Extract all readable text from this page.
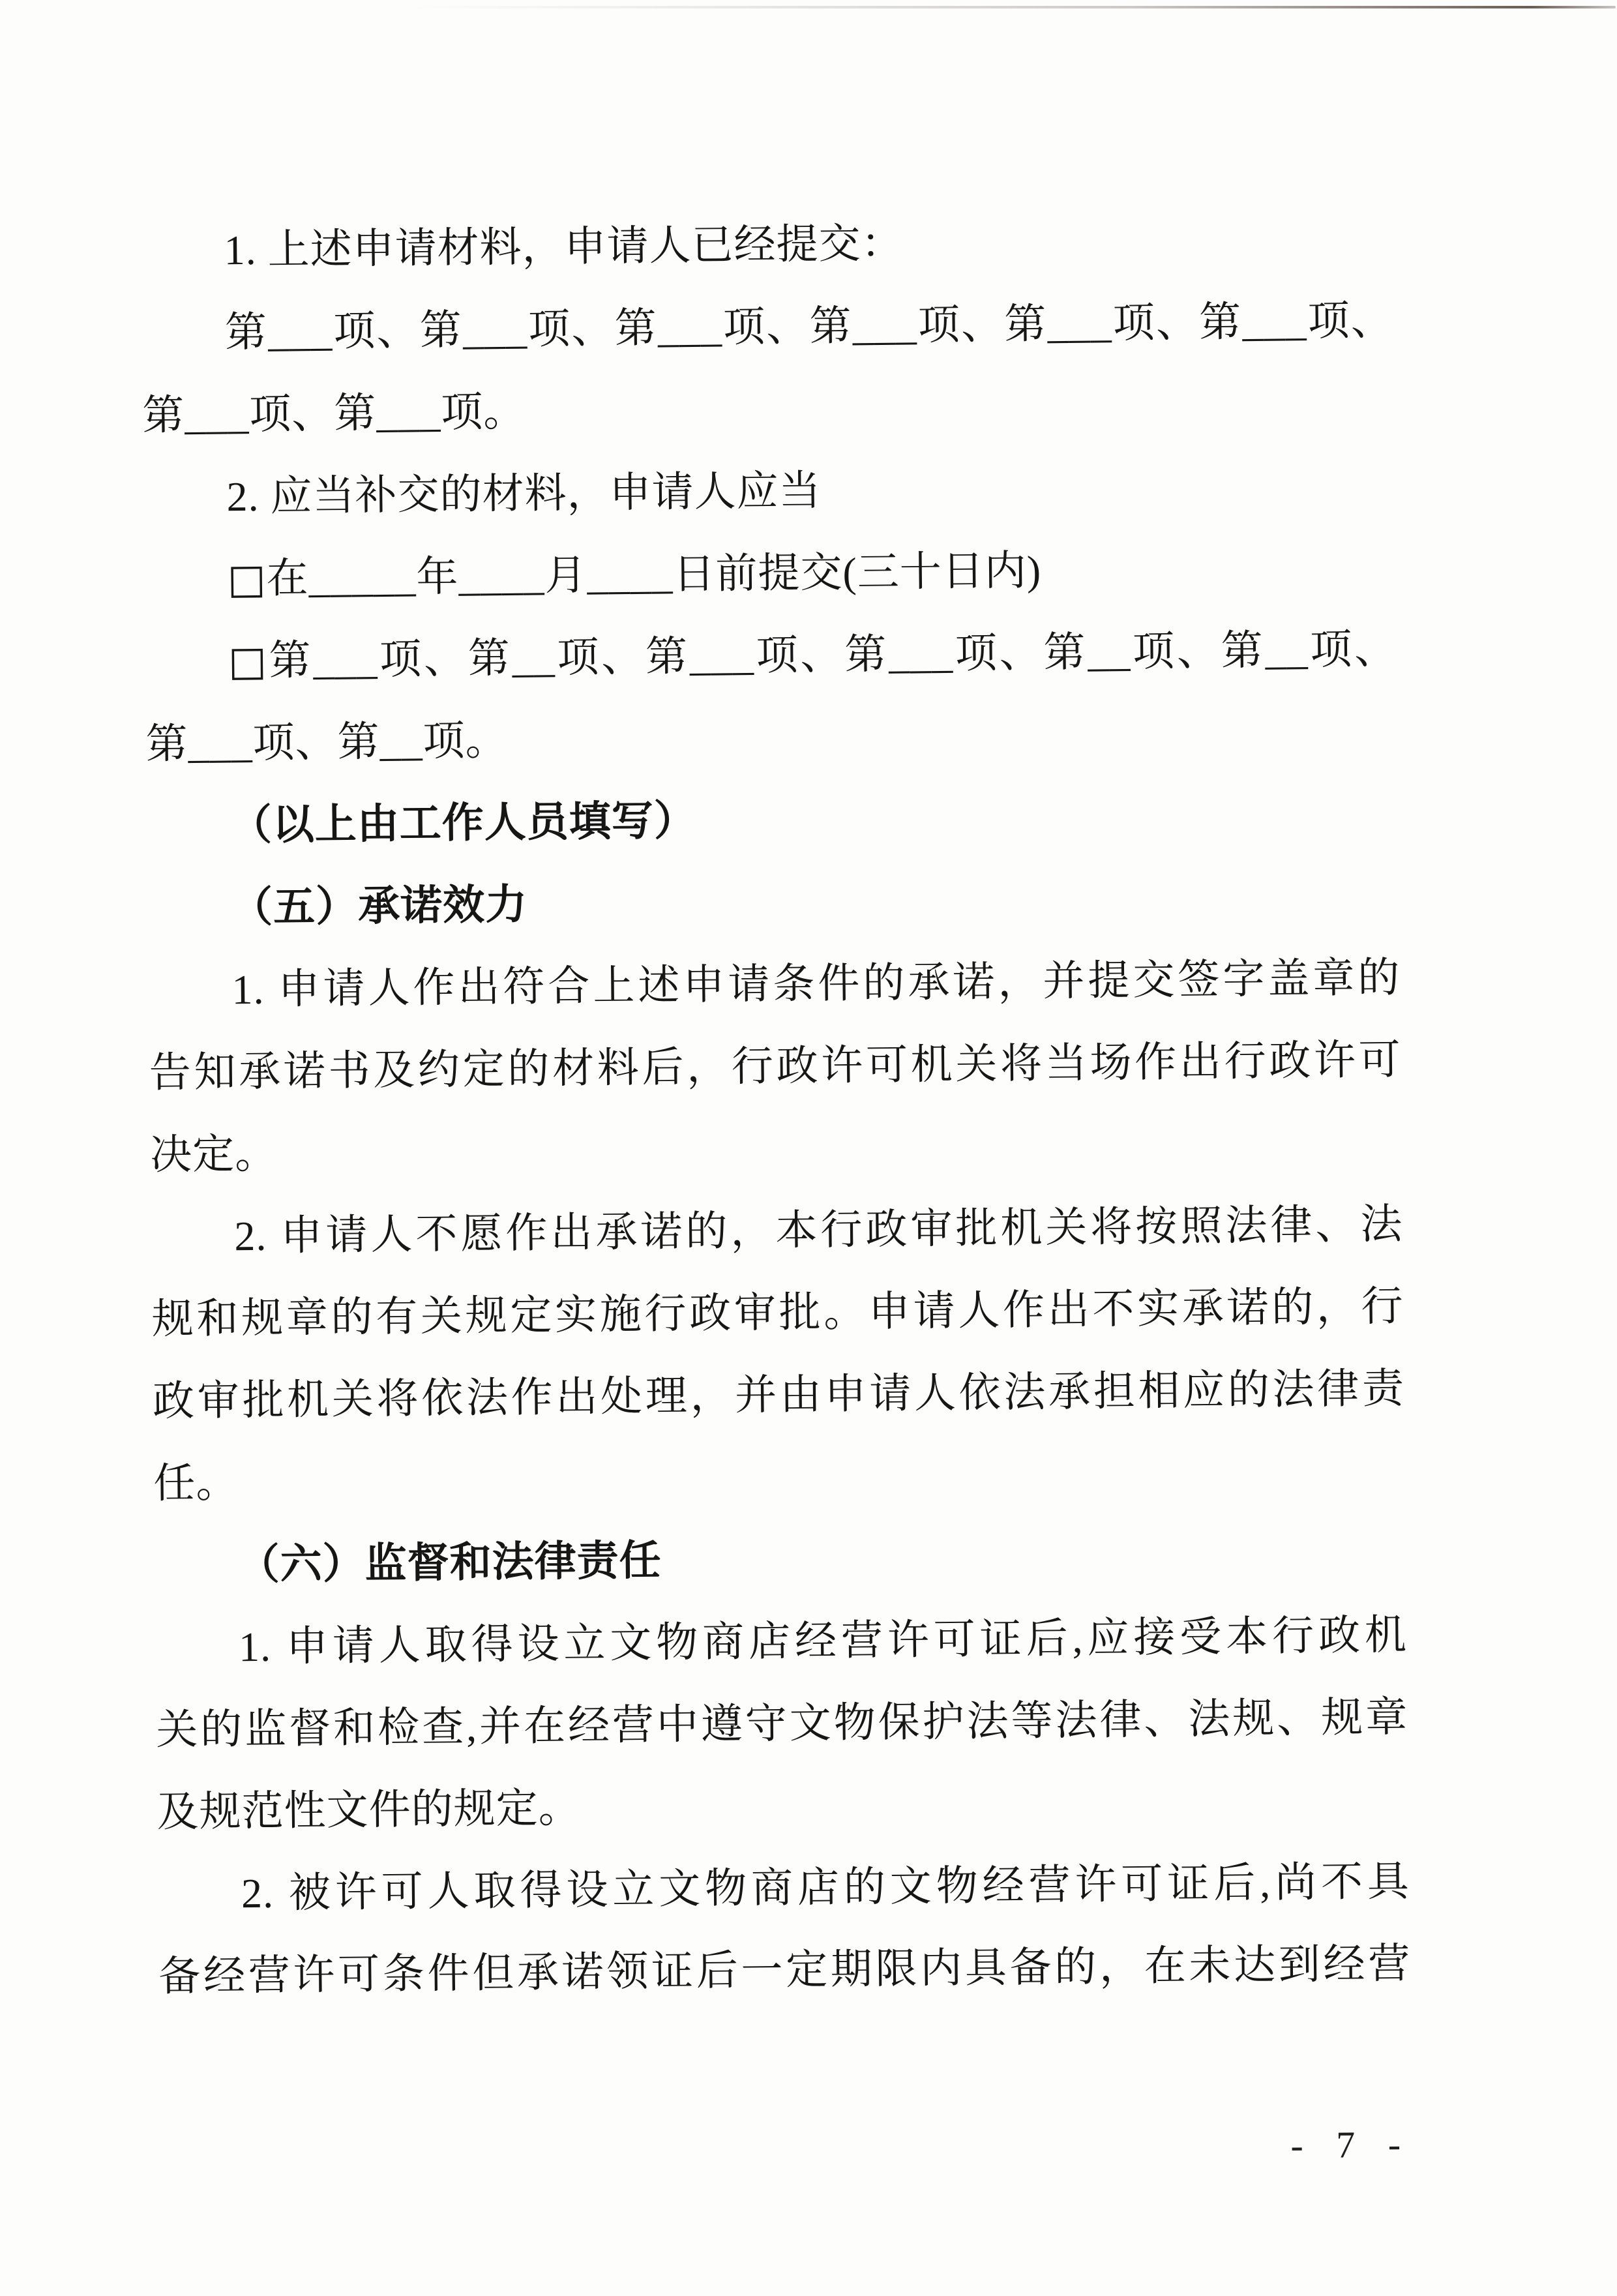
1. 上述申请材料，申请人已经提交：

第___项、第___项、第___项、第___项、第___项、第___项、

第___项、第___项。

2. 应当补交的材料，申请人应当

□在_____年____月____日前提交(三十日内)

□第___项、第__项、第___项、第___项、第__项、第__项、

第___项、第__项。

（以上由工作人员填写）

（五）承诺效力

1. 申请人作出符合上述申请条件的承诺，并提交签字盖章的

告知承诺书及约定的材料后，行政许可机关将当场作出行政许可

决定。

2. 申请人不愿作出承诺的，本行政审批机关将按照法律、法

规和规章的有关规定实施行政审批。申请人作出不实承诺的，行

政审批机关将依法作出处理，并由申请人依法承担相应的法律责

任。

（六）监督和法律责任

1. 申请人取得设立文物商店经营许可证后,应接受本行政机

关的监督和检查,并在经营中遵守文物保护法等法律、法规、规章

及规范性文件的规定。

2. 被许可人取得设立文物商店的文物经营许可证后,尚不具

备经营许可条件但承诺领证后一定期限内具备的，在未达到经营

- 7 -
